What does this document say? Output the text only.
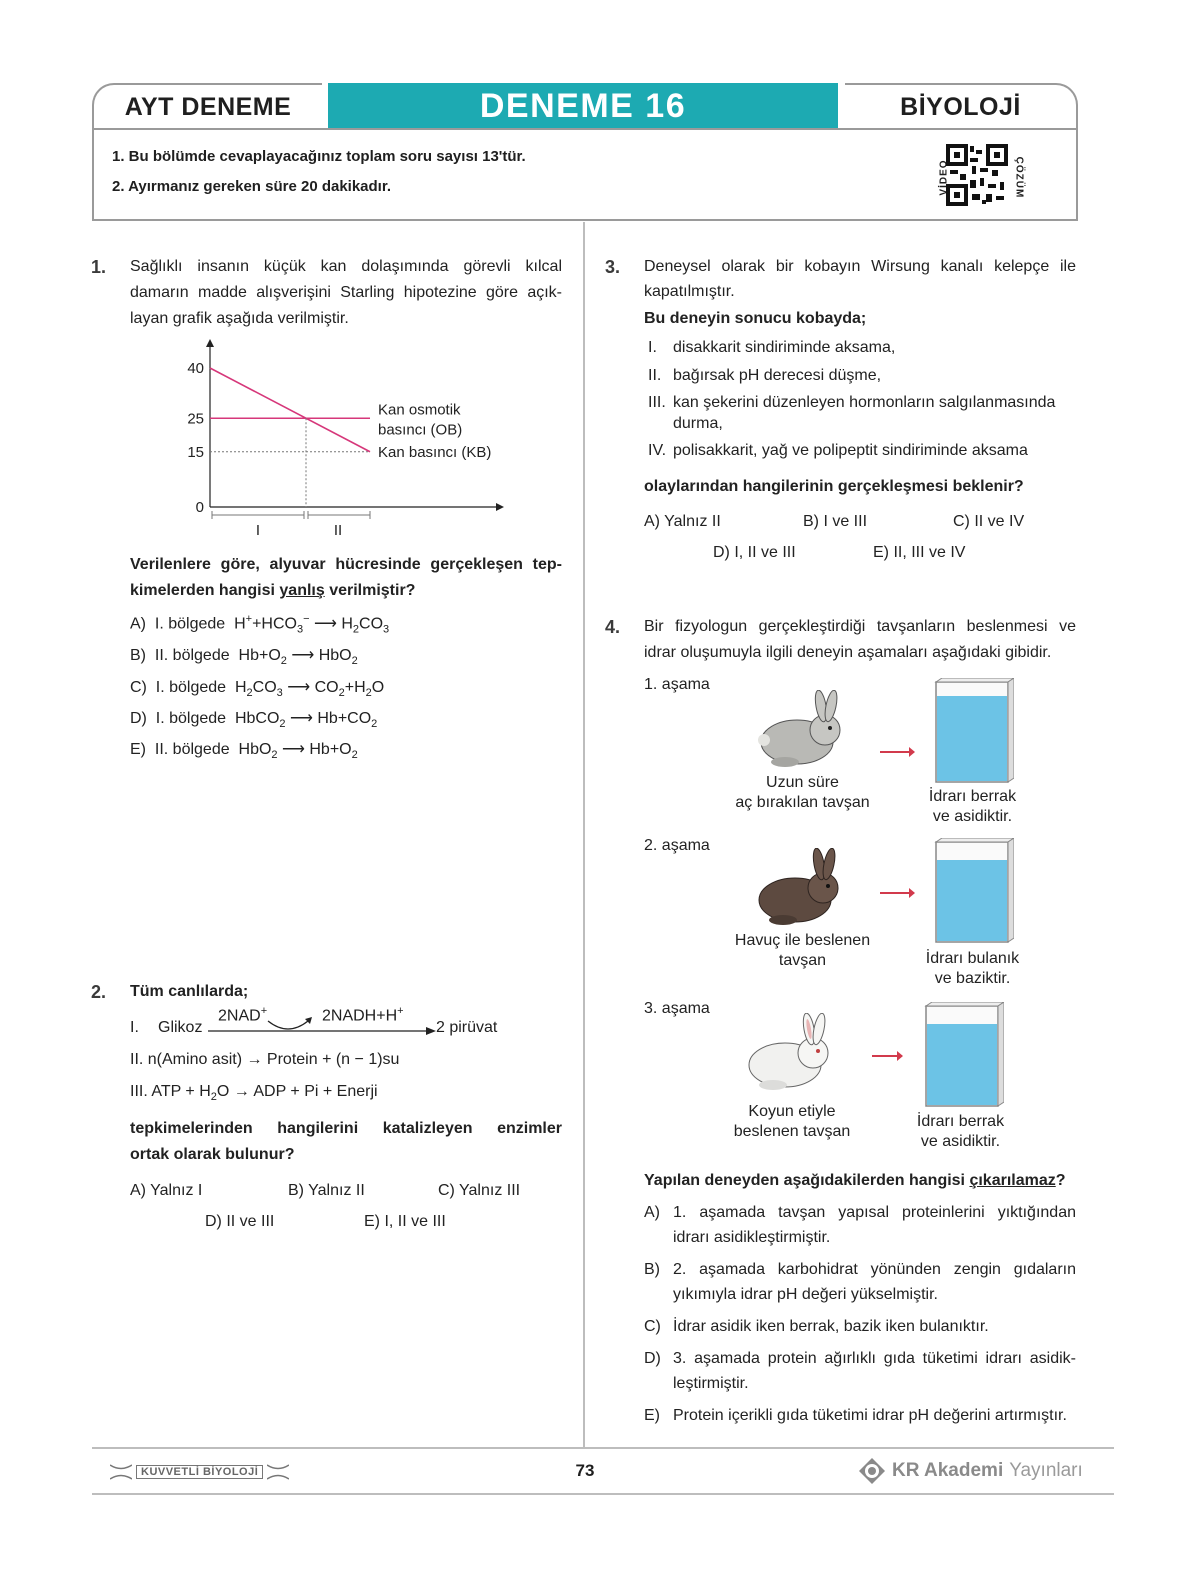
AYT DENEME	DENEME 16	BİYOLOJİ
1. Bu bölümde cevaplayacağınız toplam soru sayısı 13'tür.
2. Ayırmanız gereken süre 20 dakikadır.	VİDEO	ÇÖZÜM
1. Sağlıklı insanın küçük kan dolaşımında görevli kılcal
damarın madde alışverişini Starling hipotezine göre açık-
layan grafik aşağıda verilmiştir.
40
25
15
0
I	II
Kan osmotik
basıncı (OB)
Kan basıncı (KB)
Verilenlere göre, alyuvar hücresinde gerçekleşen tep-
kimelerden hangisi yanlış verilmiştir?
A) I. bölgede  $H^++HCO_3^-$ ⟶ $H_2CO_3$
B) II. bölgede  $Hb+O_2$ ⟶ HbO$_2$
C) I. bölgede  $H_2CO_3$ ⟶ $CO_2+H_2O$
D) I. bölgede  HbCO$_2$ ⟶ $Hb+CO_2$
E) II. bölgede  HbO$_2$ ⟶ $Hb+O_2$
2. Tüm canlılarda;
I. Glikoz
2NAD+	2NADH+H+
2 pirüvat
II. n(Amino asit) → Protein + (n − 1)su
III. ATP + $H_2O$ → ADP + Pi + Enerji
tepkimelerinden hangilerini katalizleyen enzimler
ortak olarak bulunur?
A) Yalnız I	B) Yalnız II	C) Yalnız III
D) II ve III	E) I, II ve III
3. Deneysel olarak bir kobayın Wirsung kanalı kelepçe ile
kapatılmıştır.
Bu deneyin sonucu kobayda;
I. disakkarit sindiriminde aksama,
II. bağırsak pH derecesi düşme,
III. kan şekerini düzenleyen hormonların salgılanmasında
durma,
IV. polisakkarit, yağ ve polipeptit sindiriminde aksama
olaylarından hangilerinin gerçekleşmesi beklenir?
A) Yalnız II	B) I ve III	C) II ve IV
D) I, II ve III	E) II, III ve IV
4. Bir fizyologun gerçekleştirdiği tavşanların beslenmesi ve
idrar oluşumuyla ilgili deneyin aşamaları aşağıdaki gibidir.
1. aşama
Uzun süre
aç bırakılan tavşan	İdrarı berrak
ve asidiktir.
2. aşama
Havuç ile beslenen
tavşan	İdrarı bulanık
ve baziktir.
3. aşama
Koyun etiyle
beslenen tavşan
İdrarı berrak
ve asidiktir.
Yapılan deneyden aşağıdakilerden hangisi çıkarılamaz?
A) 1. aşamada tavşan yapısal proteinlerini yıktığından
idrarı asidikleştirmiştir.
B) 2. aşamada karbohidrat yönünden zengin gıdaların
yıkımıyla idrar pH değeri yükselmiştir.
C) İdrar asidik iken berrak, bazik iken bulanıktır.
D) 3. aşamada protein ağırlıklı gıda tüketimi idrarı asidik-
leştirmiştir.
E) Protein içerikli gıda tüketimi idrar pH değerini artırmıştır.
KUVVETLİ BİYOLOJİ	73	KR Akademi Yayınları
